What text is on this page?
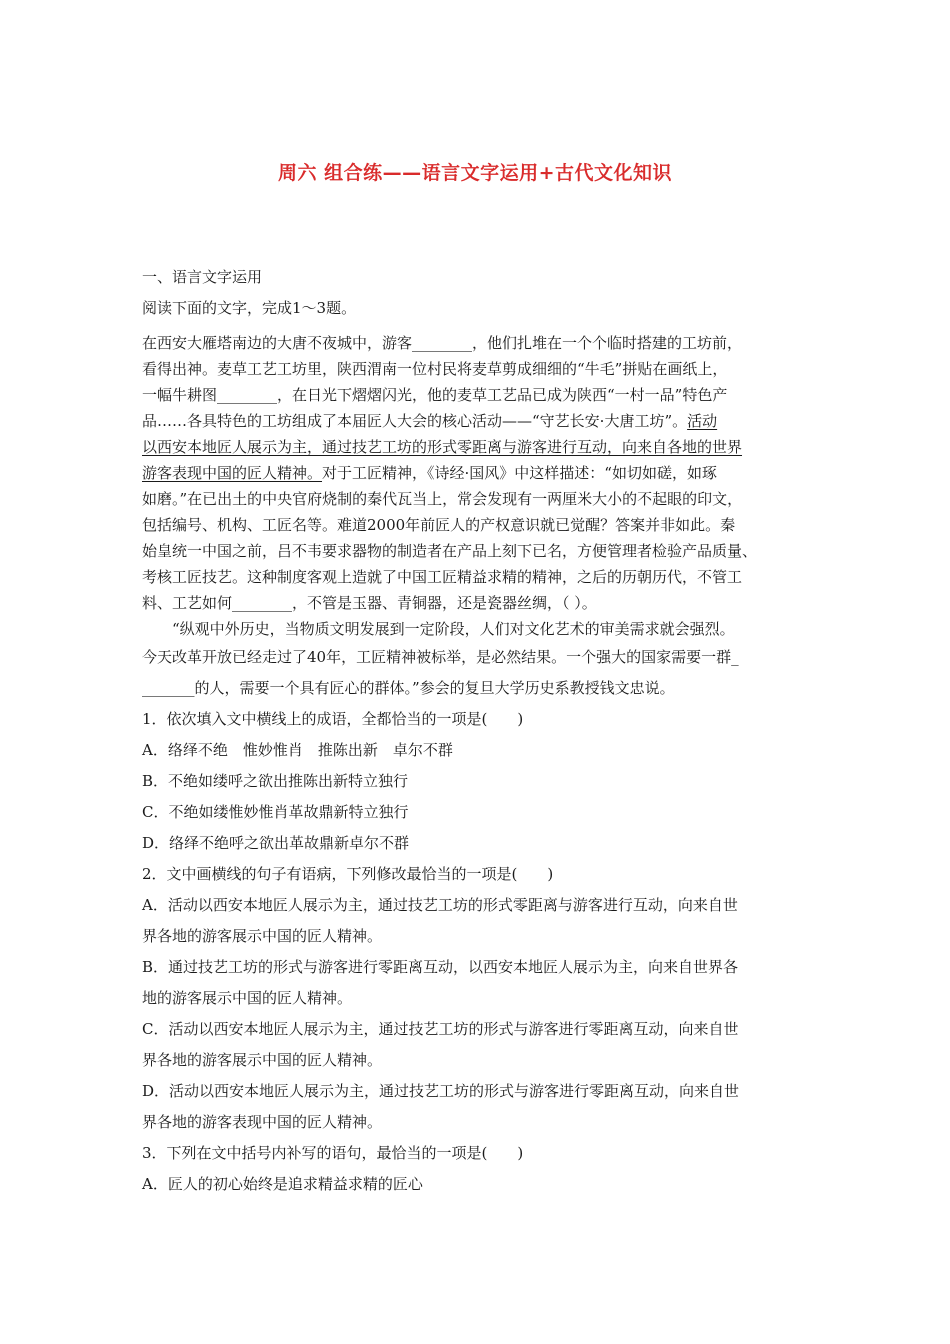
周六 组合练——语言文字运用+古代文化知识
一、语言文字运用
阅读下面的文字，完成1～3题。
在西安大雁塔南边的大唐不夜城中，游客________，他们扎堆在一个个临时搭建的工坊前，
看得出神。麦草工艺工坊里，陕西渭南一位村民将麦草剪成细细的“牛毛”拼贴在画纸上，
一幅牛耕图________，在日光下熠熠闪光，他的麦草工艺品已成为陕西“一村一品”特色产
品……各具特色的工坊组成了本届匠人大会的核心活动——“守艺长安·大唐工坊”。活动
以西安本地匠人展示为主，通过技艺工坊的形式零距离与游客进行互动，向来自各地的世界
游客表现中国的匠人精神。对于工匠精神，《诗经·国风》中这样描述：“如切如磋，如琢
如磨。”在已出土的中央官府烧制的秦代瓦当上，常会发现有一两厘米大小的不起眼的印文，
包括编号、机构、工匠名等。难道2000年前匠人的产权意识就已觉醒？答案并非如此。秦
始皇统一中国之前，吕不韦要求器物的制造者在产品上刻下已名，方便管理者检验产品质量、
考核工匠技艺。这种制度客观上造就了中国工匠精益求精的精神，之后的历朝历代，不管工
料、工艺如何________，不管是玉器、青铜器，还是瓷器丝绸，（ ）。
“纵观中外历史，当物质文明发展到一定阶段，人们对文化艺术的审美需求就会强烈。
今天改革开放已经走过了40年，工匠精神被标举，是必然结果。一个强大的国家需要一群_
_______的人，需要一个具有匠心的群体。”参会的复旦大学历史系教授钱文忠说。
1．依次填入文中横线上的成语，全都恰当的一项是(　　)
A．络绎不绝　惟妙惟肖　推陈出新　卓尔不群
B．不绝如缕呼之欲出推陈出新特立独行
C．不绝如缕惟妙惟肖革故鼎新特立独行
D．络绎不绝呼之欲出革故鼎新卓尔不群
2．文中画横线的句子有语病，下列修改最恰当的一项是(　　)
A．活动以西安本地匠人展示为主，通过技艺工坊的形式零距离与游客进行互动，向来自世
界各地的游客展示中国的匠人精神。
B．通过技艺工坊的形式与游客进行零距离互动，以西安本地匠人展示为主，向来自世界各
地的游客展示中国的匠人精神。
C．活动以西安本地匠人展示为主，通过技艺工坊的形式与游客进行零距离互动，向来自世
界各地的游客展示中国的匠人精神。
D．活动以西安本地匠人展示为主，通过技艺工坊的形式与游客进行零距离互动，向来自世
界各地的游客表现中国的匠人精神。
3．下列在文中括号内补写的语句，最恰当的一项是(　　)
A．匠人的初心始终是追求精益求精的匠心
